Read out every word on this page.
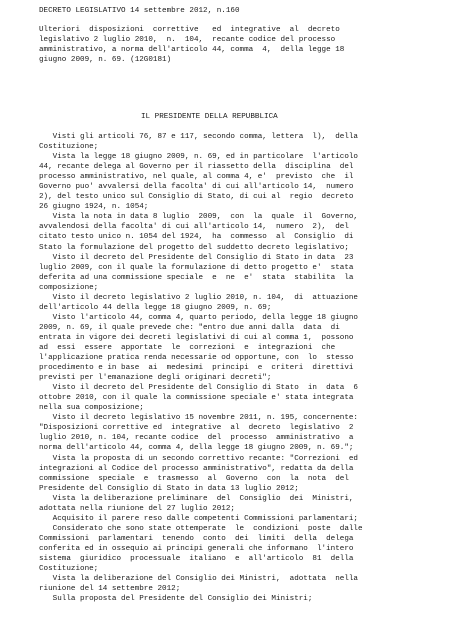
DECRETO LEGISLATIVO 14 settembre 2012, n.160
Ulteriori  disposizioni  correttive   ed  integrative  al  decreto
legislativo 2 luglio 2010,  n.  104,  recante codice del processo
amministrativo, a norma dell'articolo 44, comma  4,  della legge 18
giugno 2009, n. 69. (12G0181)
IL PRESIDENTE DELLA REPUBBLICA
Visti gli articoli 76, 87 e 117, secondo comma, lettera  l),  della
Costituzione;
Vista la legge 18 giugno 2009, n. 69, ed in particolare  l'articolo
44, recante delega al Governo per il riassetto della  disciplina  del
processo amministrativo, nel quale, al comma 4, e'  previsto  che  il
Governo puo' avvalersi della facolta' di cui all'articolo 14,  numero
2), del testo unico sul Consiglio di Stato, di cui al  regio  decreto
26 giugno 1924, n. 1054;
Vista la nota in data 8 luglio  2009,  con  la  quale  il  Governo,
avvalendosi della facolta' di cui all'articolo 14,  numero  2),  del
citato testo unico n. 1054 del 1924,  ha  commesso  al  Consiglio  di
Stato la formulazione del progetto del suddetto decreto legislativo;
Visto il decreto del Presidente del Consiglio di Stato in data  23
luglio 2009, con il quale la formulazione di detto progetto e'  stata
deferita ad una commissione speciale  e  ne  e'  stata  stabilita  la
composizione;
Visto il decreto legislativo 2 luglio 2010, n. 104,  di  attuazione
dell'articolo 44 della legge 18 giugno 2009, n. 69;
Visto l'articolo 44, comma 4, quarto periodo, della legge 18 giugno
2009, n. 69, il quale prevede che: "entro due anni dalla  data  di
entrata in vigore dei decreti legislativi di cui al comma 1,  possono
ad  essi  essere  apportate  le  correzioni  e  integrazioni  che
l'applicazione pratica renda necessarie od opportune, con  lo  stesso
procedimento e in base  ai  medesimi  principi  e  criteri  direttivi
previsti per l'emanazione degli originari decreti";
Visto il decreto del Presidente del Consiglio di Stato  in  data  6
ottobre 2010, con il quale la commissione speciale e' stata integrata
nella sua composizione;
Visto il decreto legislativo 15 novembre 2011, n. 195, concernente:
"Disposizioni correttive ed  integrative  al  decreto  legislativo  2
luglio 2010, n. 104, recante codice  del  processo  amministrativo  a
norma dell'articolo 44, comma 4, della legge 18 giugno 2009, n. 69.";
Vista la proposta di un secondo correttivo recante: "Correzioni  ed
integrazioni al Codice del processo amministrativo", redatta da della
commissione  speciale  e  trasmesso  al  Governo  con  la  nota  del
Presidente del Consiglio di Stato in data 13 luglio 2012;
Vista la deliberazione preliminare  del  Consiglio  dei  Ministri,
adottata nella riunione del 27 luglio 2012;
Acquisito il parere reso dalle competenti Commissioni parlamentari;
Considerato che sono state ottemperate  le  condizioni  poste  dalle
Commissioni  parlamentari  tenendo  conto  dei  limiti  della  delega
conferita ed in ossequio ai principi generali che informano  l'intero
sistema  giuridico  processuale  italiano  e  all'articolo  81  della
Costituzione;
Vista la deliberazione del Consiglio dei Ministri,  adottata  nella
riunione del 14 settembre 2012;
Sulla proposta del Presidente del Consiglio dei Ministri;
